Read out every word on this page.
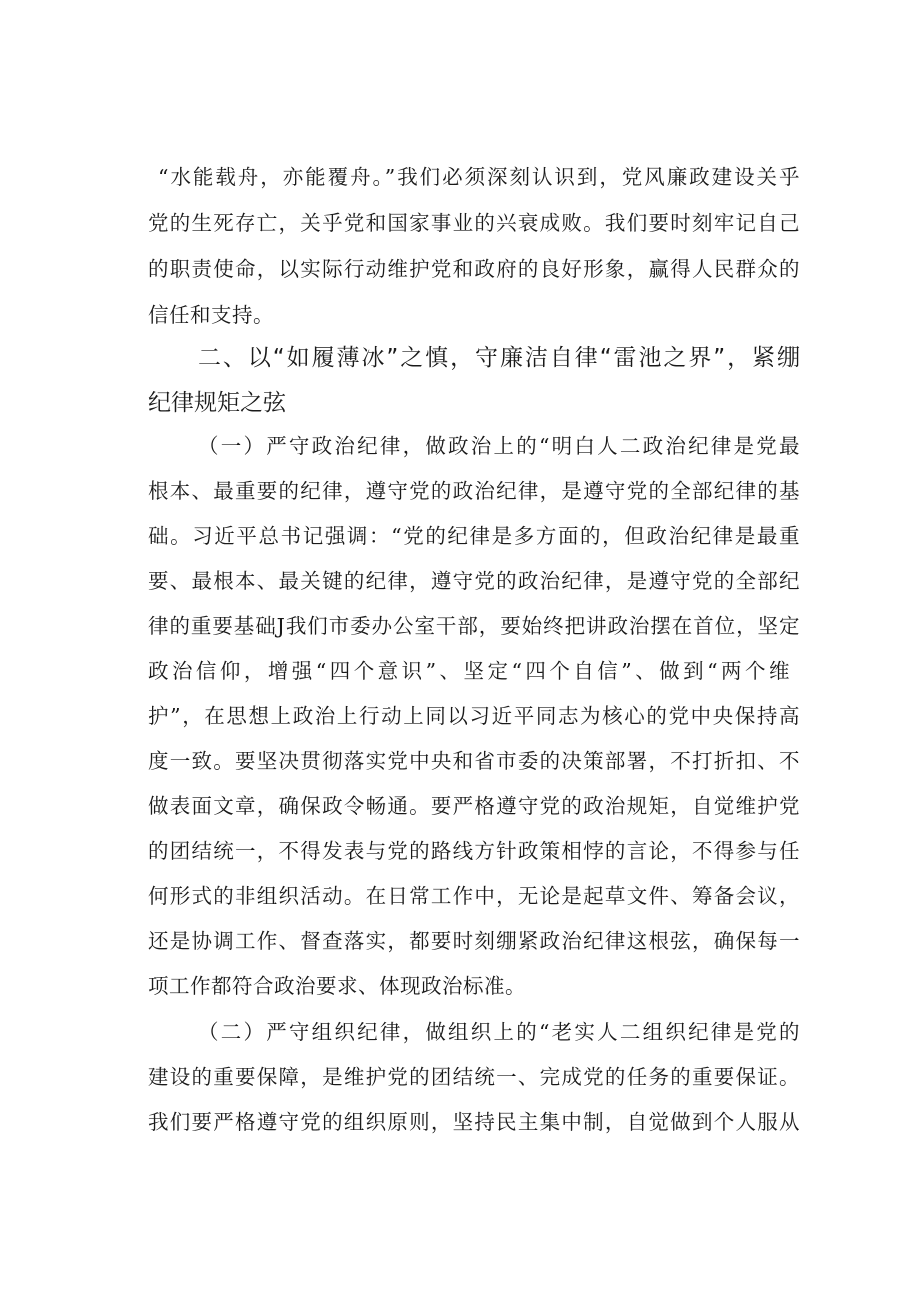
“水能载舟，亦能覆舟。”我们必须深刻认识到，党风廉政建设关乎
党的生死存亡，关乎党和国家事业的兴衰成败。我们要时刻牢记自己
的职责使命，以实际行动维护党和政府的良好形象，赢得人民群众的
信任和支持。
二、以“如履薄冰”之慎，守廉洁自律“雷池之界”，紧绷
纪律规矩之弦
（一）严守政治纪律，做政治上的“明白人二政治纪律是党最
根本、最重要的纪律，遵守党的政治纪律，是遵守党的全部纪律的基
础。习近平总书记强调：“党的纪律是多方面的，但政治纪律是最重
要、最根本、最关键的纪律，遵守党的政治纪律，是遵守党的全部纪
律的重要基础J我们市委办公室干部，要始终把讲政治摆在首位，坚定
政治信仰，增强“四个意识”、坚定“四个自信”、做到“两个维
护”，在思想上政治上行动上同以习近平同志为核心的党中央保持高
度一致。要坚决贯彻落实党中央和省市委的决策部署，不打折扣、不
做表面文章，确保政令畅通。要严格遵守党的政治规矩，自觉维护党
的团结统一，不得发表与党的路线方针政策相悖的言论，不得参与任
何形式的非组织活动。在日常工作中，无论是起草文件、筹备会议，
还是协调工作、督查落实，都要时刻绷紧政治纪律这根弦，确保每一
项工作都符合政治要求、体现政治标准。
（二）严守组织纪律，做组织上的“老实人二组织纪律是党的
建设的重要保障，是维护党的团结统一、完成党的任务的重要保证。
我们要严格遵守党的组织原则，坚持民主集中制，自觉做到个人服从
